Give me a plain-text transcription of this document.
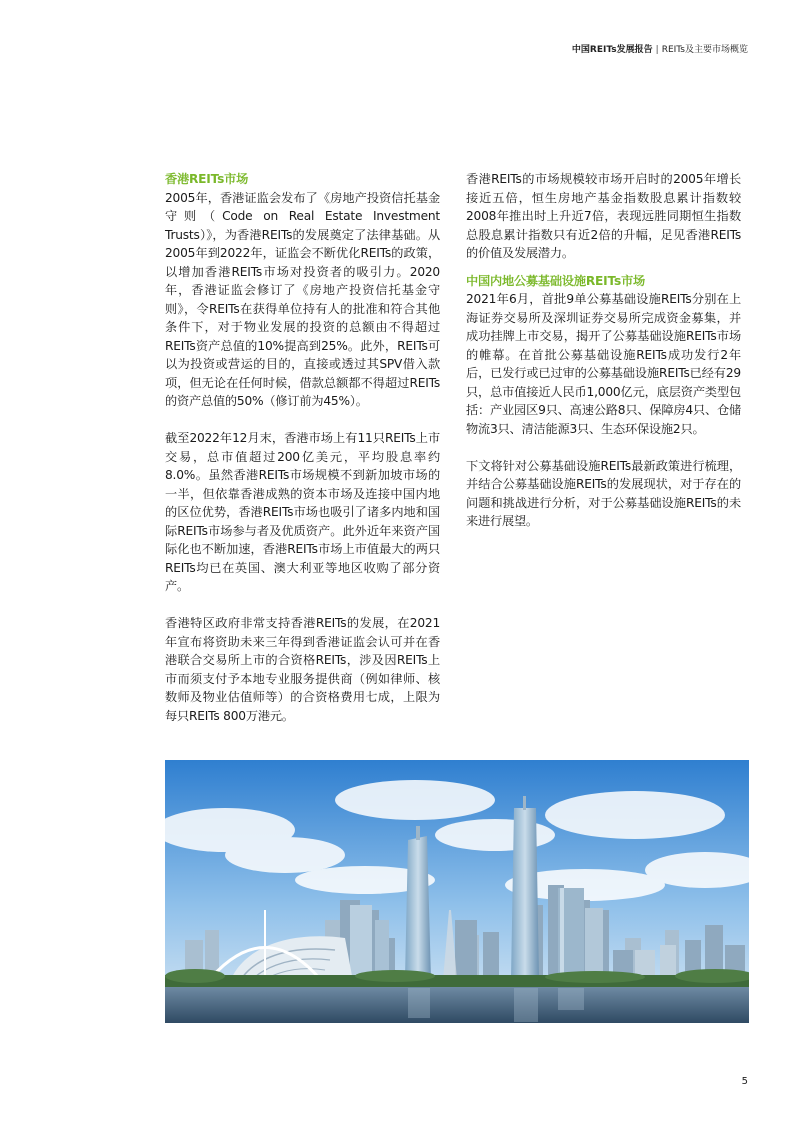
中国REITs发展报告 | REITs及主要市场概览
香港REITs市场

2005年，香港证监会发布了《房地产投资信托基金守则（Code on Real Estate Investment Trusts）》，为香港REITs的发展奠定了法律基础。从2005年到2022年，证监会不断优化REITs的政策，以增加香港REITs市场对投资者的吸引力。2020年，香港证监会修订了《房地产投资信托基金守则》，令REITs在获得单位持有人的批准和符合其他条件下，对于物业发展的投资的总额由不得超过REITs资产总值的10%提高到25%。此外，REITs可以为投资或营运的目的，直接或透过其SPV借入款项，但无论在任何时候，借款总额都不得超过REITs的资产总值的50%（修订前为45%）。

截至2022年12月末，香港市场上有11只REITs上市交易，总市值超过200亿美元，平均股息率约8.0%。虽然香港REITs市场规模不到新加坡市场的一半，但依靠香港成熟的资本市场及连接中国内地的区位优势，香港REITs市场也吸引了诸多内地和国际REITs市场参与者及优质资产。此外近年来资产国际化也不断加速，香港REITs市场上市值最大的两只REITs均已在英国、澳大利亚等地区收购了部分资产。

香港特区政府非常支持香港REITs的发展，在2021年宣布将资助未来三年得到香港证监会认可并在香港联合交易所上市的合资格REITs，涉及因REITs上市而须支付予本地专业服务提供商（例如律师、核数师及物业估值师等）的合资格费用七成，上限为每只REITs 800万港元。

香港REITs的市场规模较市场开启时的2005年增长接近五倍，恒生房地产基金指数股息累计指数较2008年推出时上升近7倍，表现远胜同期恒生指数总股息累计指数只有近2倍的升幅，足见香港REITs的价值及发展潜力。

中国内地公募基础设施REITs市场

2021年6月，首批9单公募基础设施REITs分别在上海证券交易所及深圳证券交易所完成资金募集，并成功挂牌上市交易，揭开了公募基础设施REITs市场的帷幕。在首批公募基础设施REITs成功发行2年后，已发行或已过审的公募基础设施REITs已经有29只，总市值接近人民币1,000亿元，底层资产类型包括：产业园区9只、高速公路8只、保障房4只、仓储物流3只、清洁能源3只、生态环保设施2只。

下文将针对公募基础设施REITs最新政策进行梳理，并结合公募基础设施REITs的发展现状，对于存在的问题和挑战进行分析，对于公募基础设施REITs的未来进行展望。

5
